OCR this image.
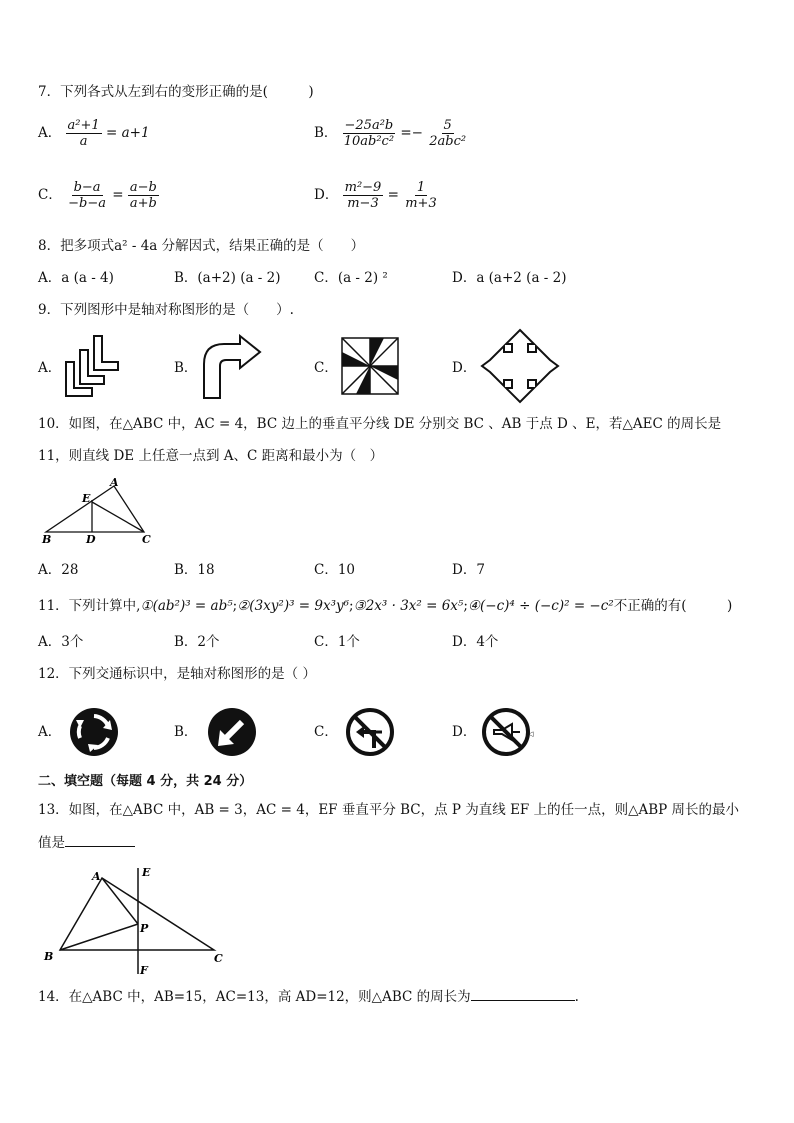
7．下列各式从左到右的变形正确的是(　　　)
A． $\frac{\text{a²+1}}{a} = a+1$	B． $\frac{\text{−25a²b}}{\text{10ab²c²}} =- \frac{5}{\text{2abc²}}$
C． $\frac{b-a}{-b-a} = \frac{a-b}{a+b}$	D． $\frac{\text{m²−9}}{m-3} = \frac{1}{m+3}$
8．把多项式a² - 4a 分解因式，结果正确的是（　　）
A．a (a - 4)	B．(a+2) (a - 2) C．(a - 2) ²	D．a (a+2 (a - 2)
9．下列图形中是轴对称图形的是（　　）.
A．	B．	C．	D．
10．如图，在△ABC 中，AC = 4，BC 边上的垂直平分线 DE 分别交 BC 、AB 于点 D 、E，若△AEC 的周长是
11，则直线 DE 上任意一点到 A、C 距离和最小为（　）
A
E
B	D	C
A．28	B．18	C．10	D．7
11．下列计算中,①(ab²)³ = ab⁵;②(3xy²)³ = 9x³y⁶;③2x³ · 3x² = 6x⁵;④(−c)⁴ ÷ (−c)² = −c²不正确的有(　　　)
A．3个	B．2个	C．1个	D．4个
12．下列交通标识中，是轴对称图形的是（ ）
A．	B．	C．	D．	◁
二、填空题（每题 4 分，共 24 分）
13．如图，在△ABC 中，AB = 3，AC = 4，EF 垂直平分 BC，点 P 为直线 EF 上的任一点，则△ABP 周长的最小
值是
A	E
P
B	C
F
14．在△ABC 中，AB=15，AC=13，高 AD=12，则△ABC 的周长为	.
